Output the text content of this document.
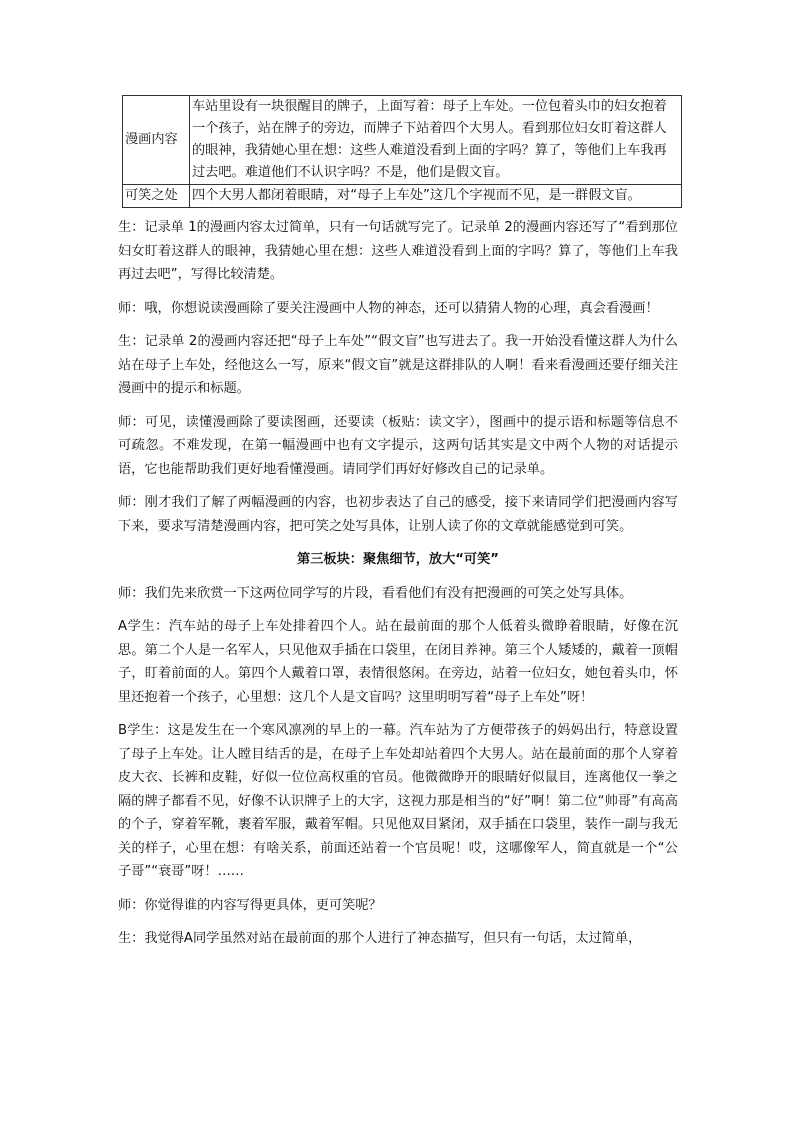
漫画内容	车站里设有一块很醒目的牌子，上面写着：母子上车处。一位包着头巾的妇女抱着一个孩子，站在牌子的旁边，而牌子下站着四个大男人。看到那位妇女盯着这群人的眼神，我猜她心里在想：这些人难道没看到上面的字吗？算了，等他们上车我再过去吧。难道他们不认识字吗？不是，他们是假文盲。
可笑之处	四个大男人都闭着眼睛，对“母子上车处”这几个字视而不见，是一群假文盲。

生：记录单 1的漫画内容太过简单，只有一句话就写完了。记录单 2的漫画内容还写了“看到那位妇女盯着这群人的眼神，我猜她心里在想：这些人难道没看到上面的字吗？算了，等他们上车我再过去吧”，写得比较清楚。

师：哦，你想说读漫画除了要关注漫画中人物的神态，还可以猜猜人物的心理，真会看漫画！

生：记录单 2的漫画内容还把“母子上车处”“假文盲”也写进去了。我一开始没看懂这群人为什么站在母子上车处，经他这么一写，原来“假文盲”就是这群排队的人啊！看来看漫画还要仔细关注漫画中的提示和标题。

师：可见，读懂漫画除了要读图画，还要读（板贴：读文字），图画中的提示语和标题等信息不可疏忽。不难发现，在第一幅漫画中也有文字提示，这两句话其实是文中两个人物的对话提示语，它也能帮助我们更好地看懂漫画。请同学们再好好修改自己的记录单。

师：刚才我们了解了两幅漫画的内容，也初步表达了自己的感受，接下来请同学们把漫画内容写下来，要求写清楚漫画内容，把可笑之处写具体，让别人读了你的文章就能感觉到可笑。

第三板块：聚焦细节，放大“可笑”

师：我们先来欣赏一下这两位同学写的片段，看看他们有没有把漫画的可笑之处写具体。

A学生：汽车站的母子上车处排着四个人。站在最前面的那个人低着头微睁着眼睛，好像在沉思。第二个人是一名军人，只见他双手插在口袋里，在闭目养神。第三个人矮矮的，戴着一顶帽子，盯着前面的人。第四个人戴着口罩，表情很悠闲。在旁边，站着一位妇女，她包着头巾，怀里还抱着一个孩子，心里想：这几个人是文盲吗？这里明明写着“母子上车处”呀！

B学生：这是发生在一个寒风凛冽的早上的一幕。汽车站为了方便带孩子的妈妈出行，特意设置了母子上车处。让人瞠目结舌的是，在母子上车处却站着四个大男人。站在最前面的那个人穿着皮大衣、长裤和皮鞋，好似一位位高权重的官员。他微微睁开的眼睛好似鼠目，连离他仅一拳之隔的牌子都看不见，好像不认识牌子上的大字，这视力那是相当的“好”啊！第二位“帅哥”有高高的个子，穿着军靴，裹着军服，戴着军帽。只见他双目紧闭，双手插在口袋里，装作一副与我无关的样子，心里在想：有啥关系，前面还站着一个官员呢！哎，这哪像军人，简直就是一个“公子哥”“衰哥”呀！……

师：你觉得谁的内容写得更具体，更可笑呢？

生：我觉得A同学虽然对站在最前面的那个人进行了神态描写，但只有一句话，太过简单，
